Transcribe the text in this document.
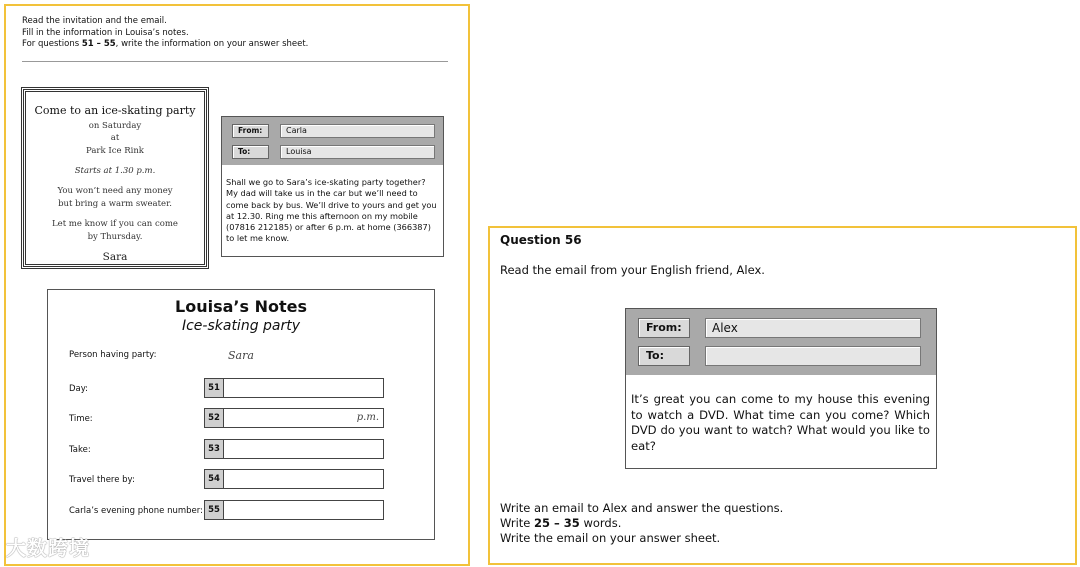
Read the invitation and the email.
Fill in the information in Louisa’s notes.
For questions 51 – 55, write the information on your answer sheet.
Come to an ice-skating party
on Saturday
at
Park Ice Rink
Starts at 1.30 p.m.
You won’t need any money
but bring a warm sweater.
Let me know if you can come
by Thursday.
Sara
From:	Carla
To:	Louisa
Shall we go to Sara’s ice-skating party together? My dad will take us in the car but we’ll need to come back by bus. We’ll drive to yours and get you at 12.30. Ring me this afternoon on my mobile (07816 212185) or after 6 p.m. at home (366387) to let me know.
Louisa’s Notes
Ice-skating party
Person having party:	Sara
Day:	51
Time:	52	p.m.
Take:	53
Travel there by:	54
Carla’s evening phone number: 55
Question 56
Read the email from your English friend, Alex.
From:	Alex
To:
It’s great you can come to my house this evening to watch a DVD. What time can you come? Which DVD do you want to watch? What would you like to eat?
Write an email to Alex and answer the questions.
Write 25 – 35 words.
Write the email on your answer sheet.
大数跨境
